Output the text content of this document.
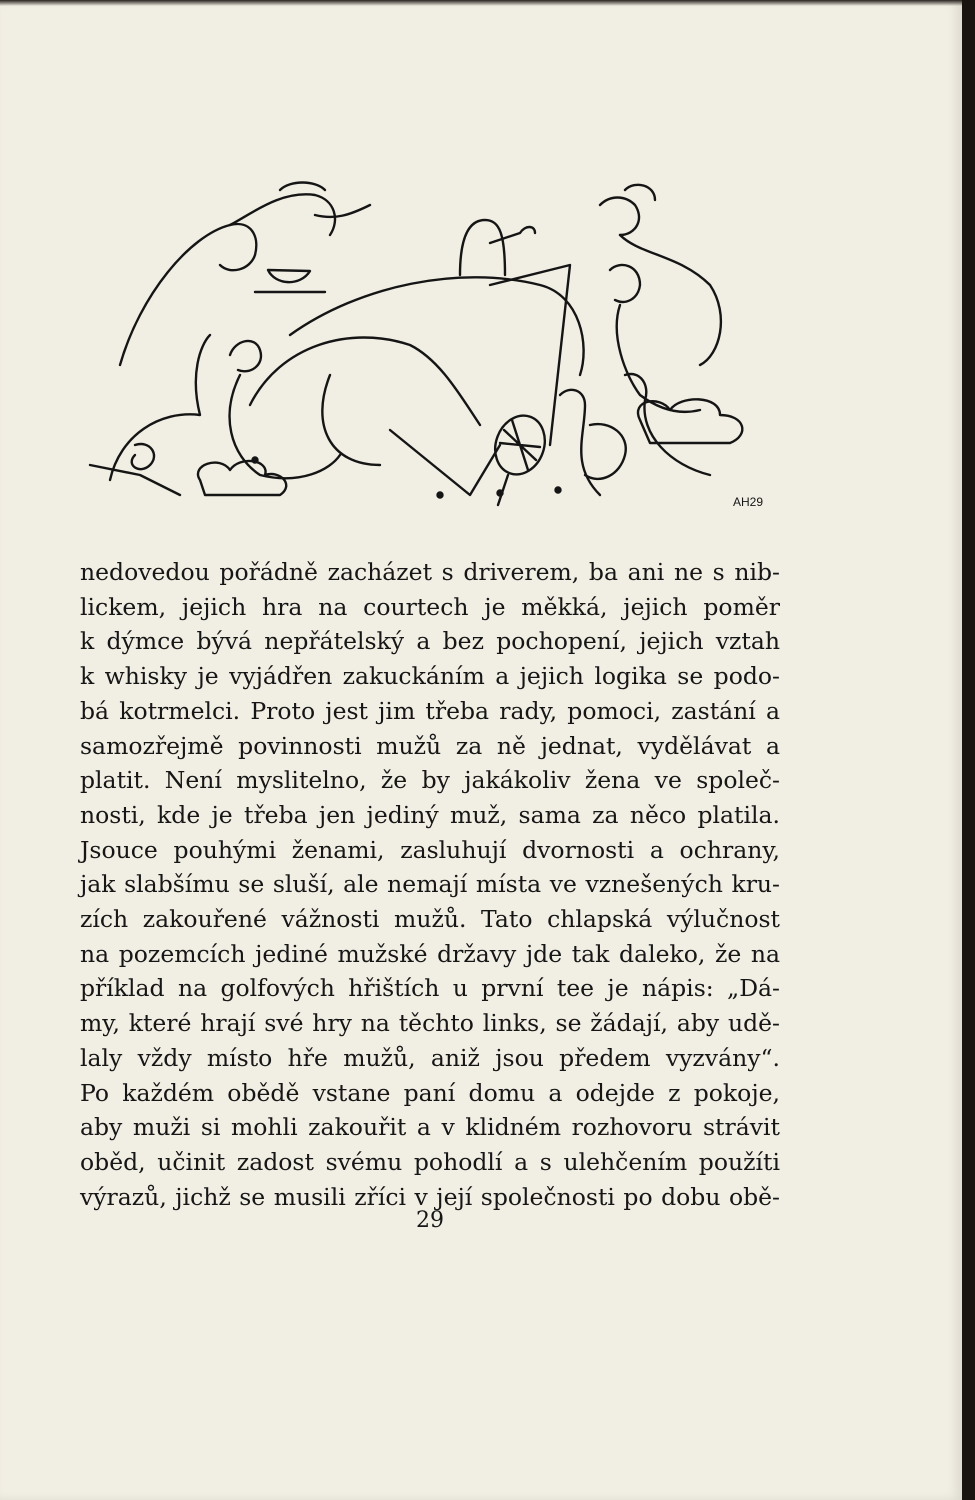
AH29
nedovedou pořádně zacházet s driverem, ba ani ne s nib-
lickem, jejich hra na courtech je měkká, jejich poměr
k dýmce bývá nepřátelský a bez pochopení, jejich vztah
k whisky je vyjádřen zakuckáním a jejich logika se podo-
bá kotrmelci. Proto jest jim třeba rady, pomoci, zastání a
samozřejmě povinnosti mužů za ně jednat, vydělávat a
platit. Není myslitelno, že by jakákoliv žena ve společ-
nosti, kde je třeba jen jediný muž, sama za něco platila.
Jsouce pouhými ženami, zasluhují dvornosti a ochrany,
jak slabšímu se sluší, ale nemají místa ve vznešených kru-
zích zakouřené vážnosti mužů. Tato chlapská výlučnost
na pozemcích jediné mužské državy jde tak daleko, že na
příklad na golfových hřištích u první tee je nápis: „Dá-
my, které hrají své hry na těchto links, se žádají, aby udě-
laly vždy místo hře mužů, aniž jsou předem vyzvány“.
Po každém obědě vstane paní domu a odejde z pokoje,
aby muži si mohli zakouřit a v klidném rozhovoru strávit
oběd, učinit zadost svému pohodlí a s ulehčením použíti
výrazů, jichž se musili zříci v její společnosti po dobu obě-
29
